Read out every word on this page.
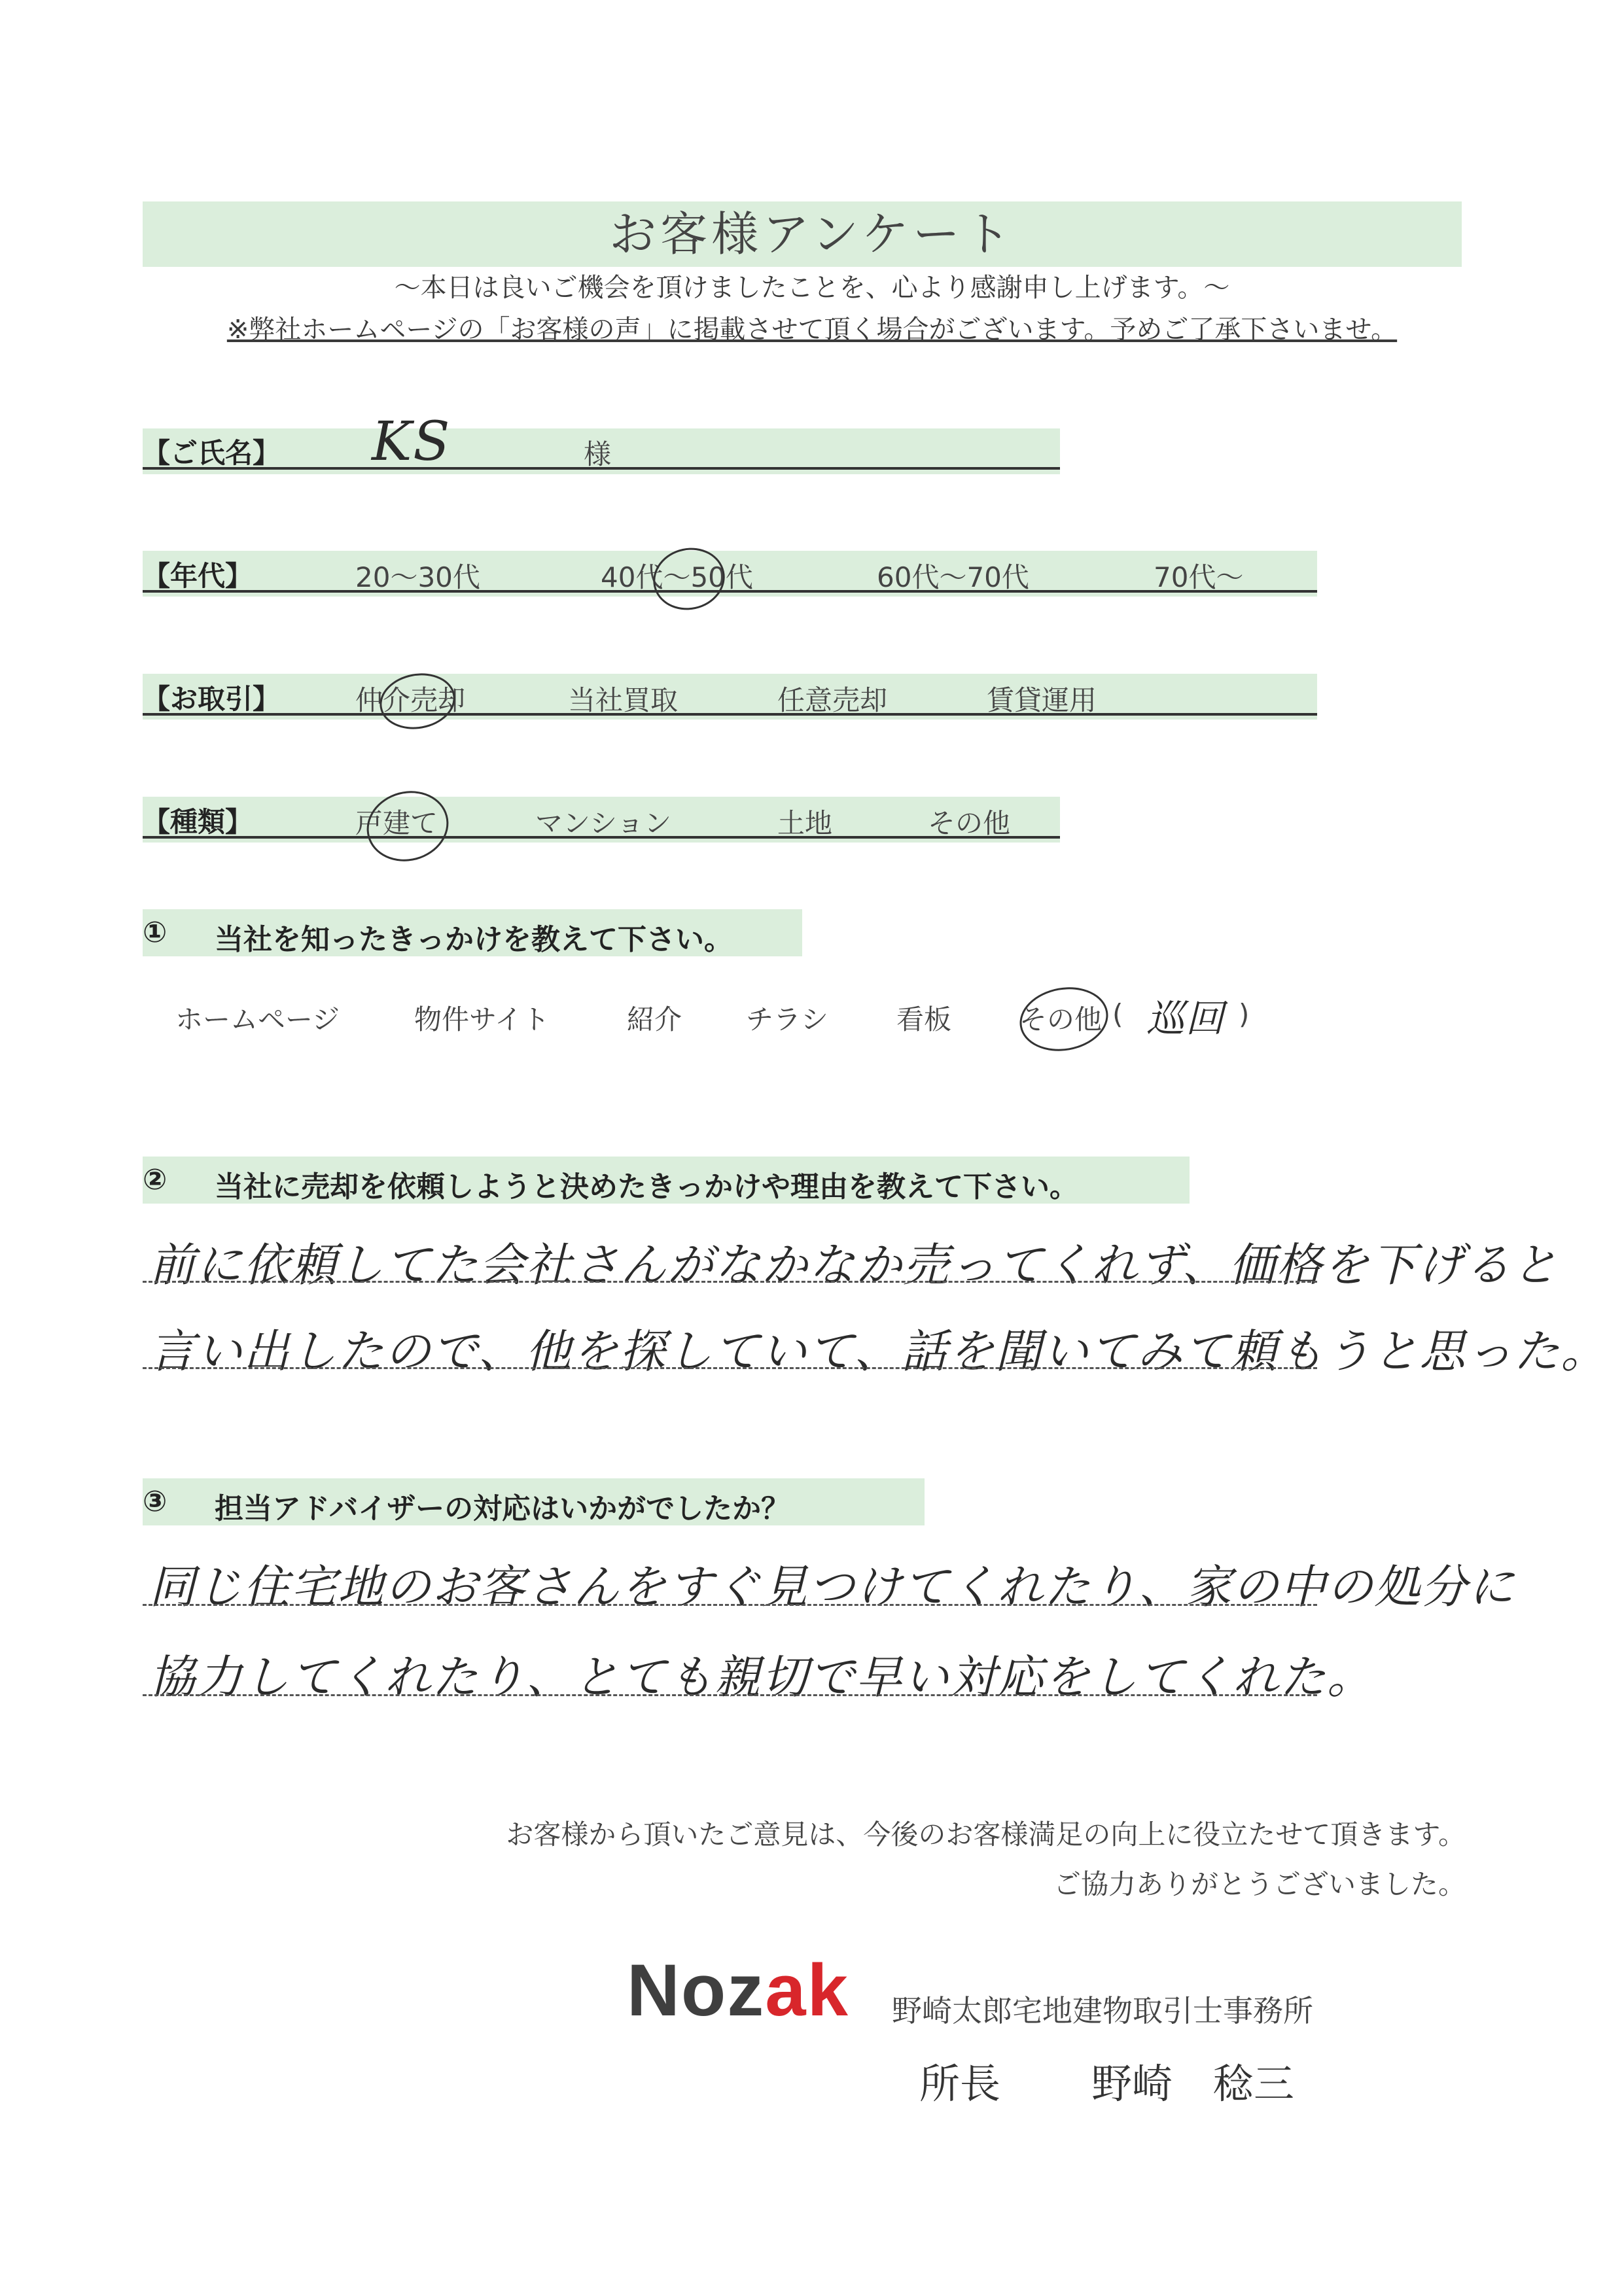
お客様アンケート
〜本日は良いご機会を頂けましたことを、心より感謝申し上げます。〜
※弊社ホームページの「お客様の声」に掲載させて頂く場合がございます。予めご了承下さいませ。
【ご氏名】 KS	様
【年代】	20〜30代	40代〜50代	60代〜70代	70代〜
【お取引】	仲介売却	当社買取	任意売却	賃貸運用
【種類】	戸建て	マンション	土地	その他
① 当社を知ったきっかけを教えて下さい。
ホームページ	物件サイト	紹介 チラシ 看板 その他 ( 巡回 )
② 当社に売却を依頼しようと決めたきっかけや理由を教えて下さい。
前に依頼してた会社さんがなかなか売ってくれず、価格を下げると
言い出したので、他を探していて、話を聞いてみて頼もうと思った。
③ 担当アドバイザーの対応はいかがでしたか？
同じ住宅地のお客さんをすぐ見つけてくれたり、家の中の処分に
協力してくれたり、とても親切で早い対応をしてくれた。
お客様から頂いたご意見は、今後のお客様満足の向上に役立たせて頂きます。
ご協力ありがとうございました。
Nozak 野崎太郎宅地建物取引士事務所
所長 野崎　稔三
